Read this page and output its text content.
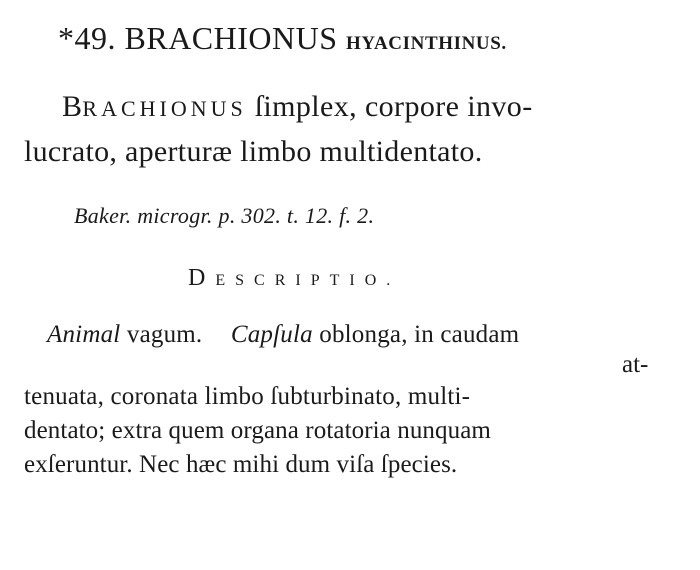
*49. BRACHIONUS HYACINTHINUS.
BRACHIONUS ſimplex, corpore invo-
lucrato, aperturæ limbo multidentato.
Baker. microgr. p. 302. t. 12. f. 2.
DESCRIPTIO.
Animal vagum. Capſula oblonga, in caudam
at-
tenuata, coronata limbo ſubturbinato, multi-
dentato; extra quem organa rotatoria nunquam
exſeruntur. Nec hæc mihi dum viſa ſpecies.
